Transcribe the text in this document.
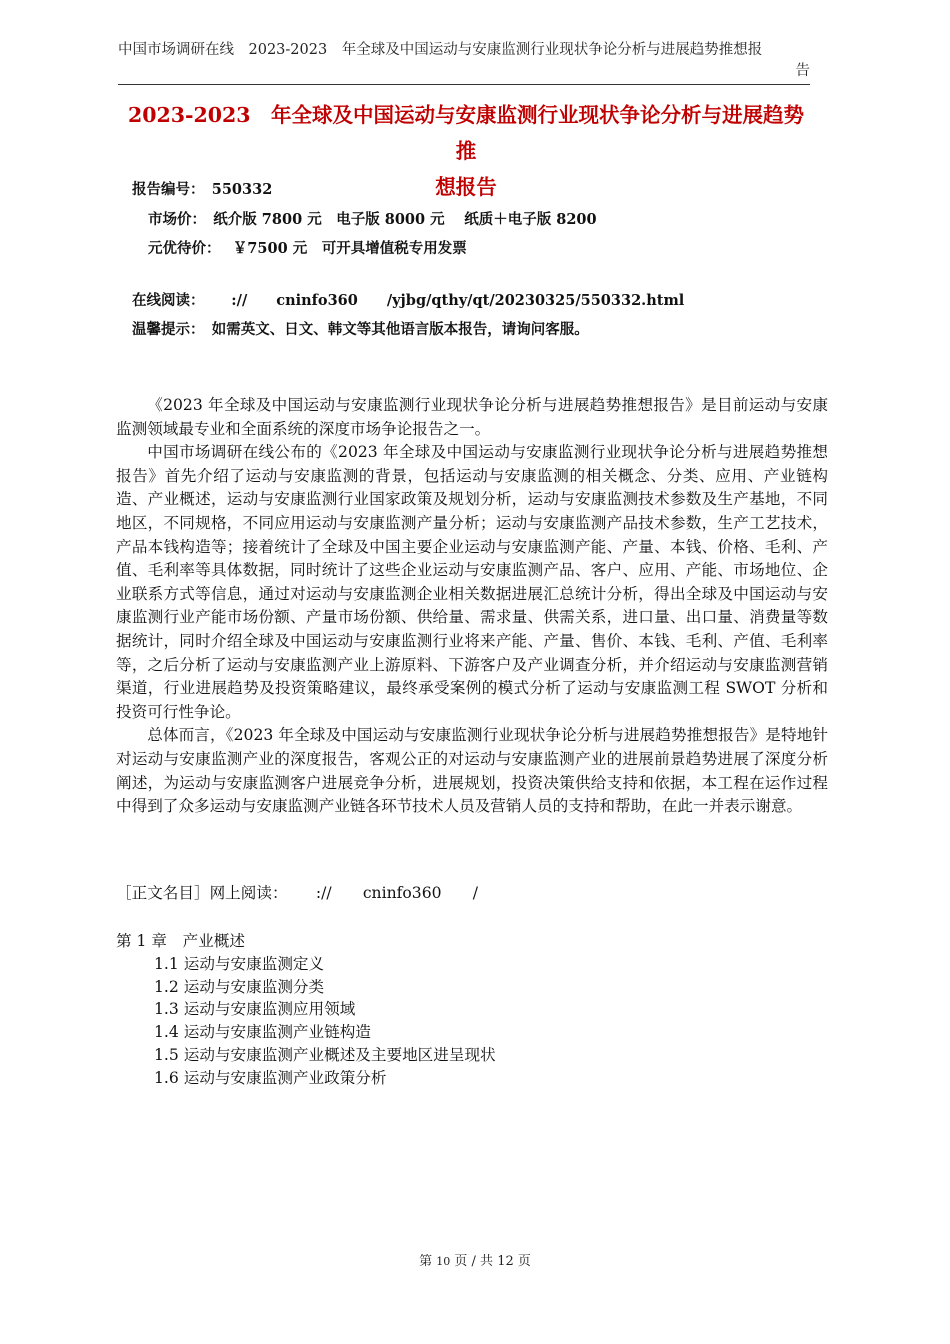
中国市场调研在线　2023-2023　年全球及中国运动与安康监测行业现状争论分析与进展趋势推想报
告
2023-2023　年全球及中国运动与安康监测行业现状争论分析与进展趋势推
想报告
报告编号：　550332
市场价：　纸介版 7800 元　电子版 8000 元　 纸质＋电子版 8200
元优待价：　 ￥7500 元　可开具增值税专用发票
在线阅读：　 　://　　cninfo360　　/yjbg/qthy/qt/20230325/550332.html
温馨提示：　如需英文、日文、韩文等其他语言版本报告，请询问客服。

《2023 年全球及中国运动与安康监测行业现状争论分析与进展趋势推想报告》是目前运动与安康监测领域最专业和全面系统的深度市场争论报告之一。

中国市场调研在线公布的《2023 年全球及中国运动与安康监测行业现状争论分析与进展趋势推想报告》首先介绍了运动与安康监测的背景，包括运动与安康监测的相关概念、分类、应用、产业链构造、产业概述，运动与安康监测行业国家政策及规划分析，运动与安康监测技术参数及生产基地，不同地区，不同规格，不同应用运动与安康监测产量分析；运动与安康监测产品技术参数，生产工艺技术，产品本钱构造等；接着统计了全球及中国主要企业运动与安康监测产能、产量、本钱、价格、毛利、产值、毛利率等具体数据，同时统计了这些企业运动与安康监测产品、客户、应用、产能、市场地位、企业联系方式等信息，通过对运动与安康监测企业相关数据进展汇总统计分析，得出全球及中国运动与安康监测行业产能市场份额、产量市场份额、供给量、需求量、供需关系，进口量、出口量、消费量等数据统计，同时介绍全球及中国运动与安康监测行业将来产能、产量、售价、本钱、毛利、产值、毛利率等，之后分析了运动与安康监测产业上游原料、下游客户及产业调查分析，并介绍运动与安康监测营销渠道，行业进展趋势及投资策略建议，最终承受案例的模式分析了运动与安康监测工程 SWOT 分析和投资可行性争论。

总体而言，《2023 年全球及中国运动与安康监测行业现状争论分析与进展趋势推想报告》是特地针对运动与安康监测产业的深度报告，客观公正的对运动与安康监测产业的进展前景趋势进展了深度分析阐述，为运动与安康监测客户进展竞争分析，进展规划，投资决策供给支持和依据，本工程在运作过程中得到了众多运动与安康监测产业链各环节技术人员及营销人员的支持和帮助，在此一并表示谢意。

［正文名目］网上阅读：　　 ://　　cninfo360　　/

第 1 章　产业概述

1.1 运动与安康监测定义

1.2 运动与安康监测分类

1.3 运动与安康监测应用领域

1.4 运动与安康监测产业链构造

1.5 运动与安康监测产业概述及主要地区进呈现状

1.6 运动与安康监测产业政策分析

第 10 页 / 共 12 页
